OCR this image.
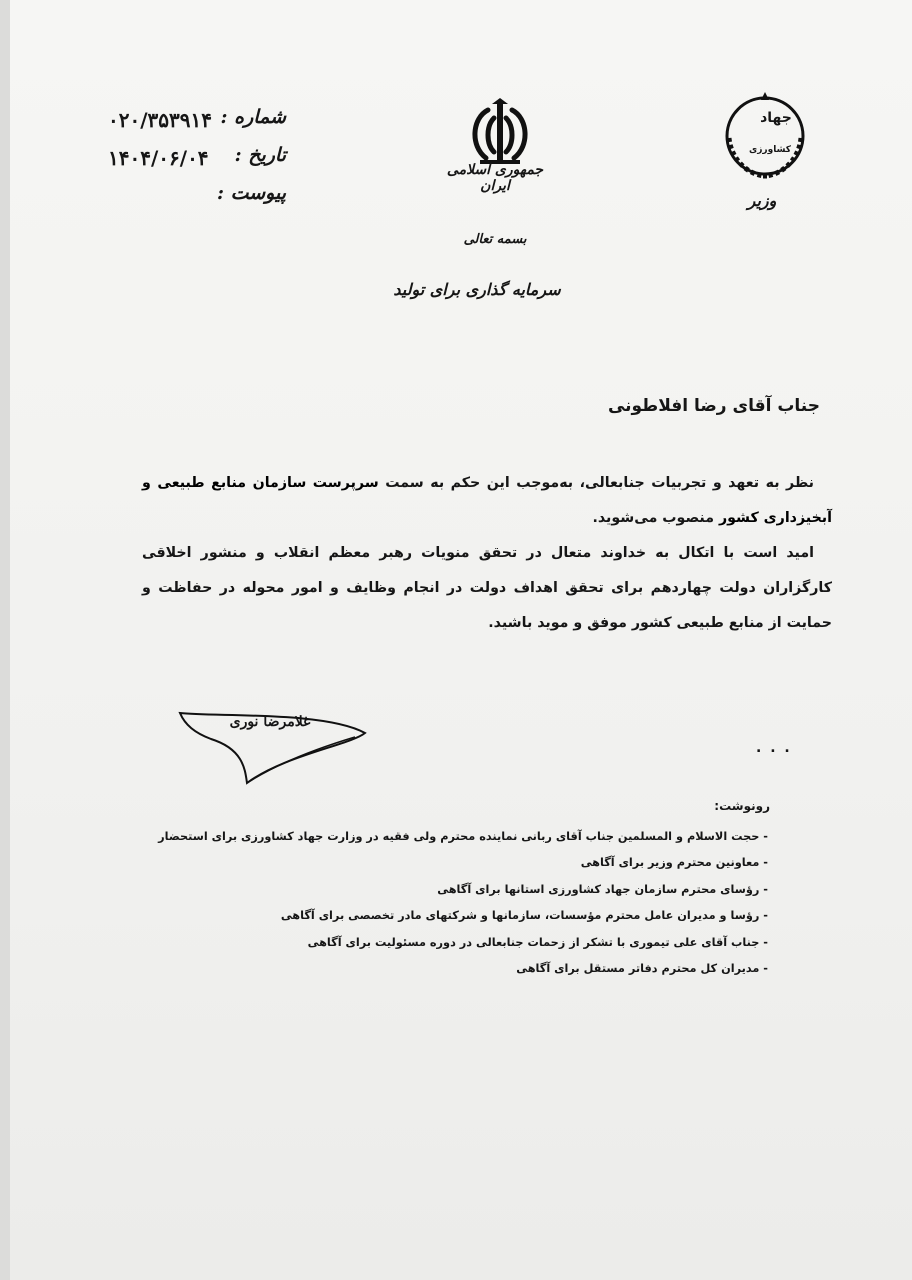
شماره :
۰۲۰/۳۵۳۹۱۴
تاریخ :
۱۴۰۴/۰۶/۰۴
پیوست :
جمهوری اسلامی ایران
بسمه تعالی
سرمایه گذاری برای تولید
جهاد
کشاورزی
وزیر
جناب آقای رضا افلاطونی

نظر به تعهد و تجربیات جنابعالی، به‌موجب این حکم به سمت سرپرست سازمان منابع طبیعی و آبخیزداری کشور منصوب می‌شوید.

امید است با اتکال به خداوند متعال در تحقق منویات رهبر معظم انقلاب و منشور اخلاقی کارگزاران دولت چهاردهم برای تحقق اهداف دولت در انجام وظایف و امور محوله در حفاظت و حمایت از منابع طبیعی کشور موفق و موید باشید.

غلامرضا نوری
. . .
رونوشت:
- حجت الاسلام و المسلمین جناب آقای ربانی نماینده محترم ولی فقیه در وزارت جهاد کشاورزی برای استحضار
- معاونین محترم وزیر برای آگاهی
- رؤسای محترم سازمان جهاد کشاورزی استانها برای آگاهی
- رؤسا و مدیران عامل محترم مؤسسات، سازمانها و شرکتهای مادر تخصصی برای آگاهی
- جناب آقای علی تیموری با تشکر از زحمات جنابعالی در دوره مسئولیت برای آگاهی
- مدیران کل محترم دفاتر مستقل برای آگاهی
